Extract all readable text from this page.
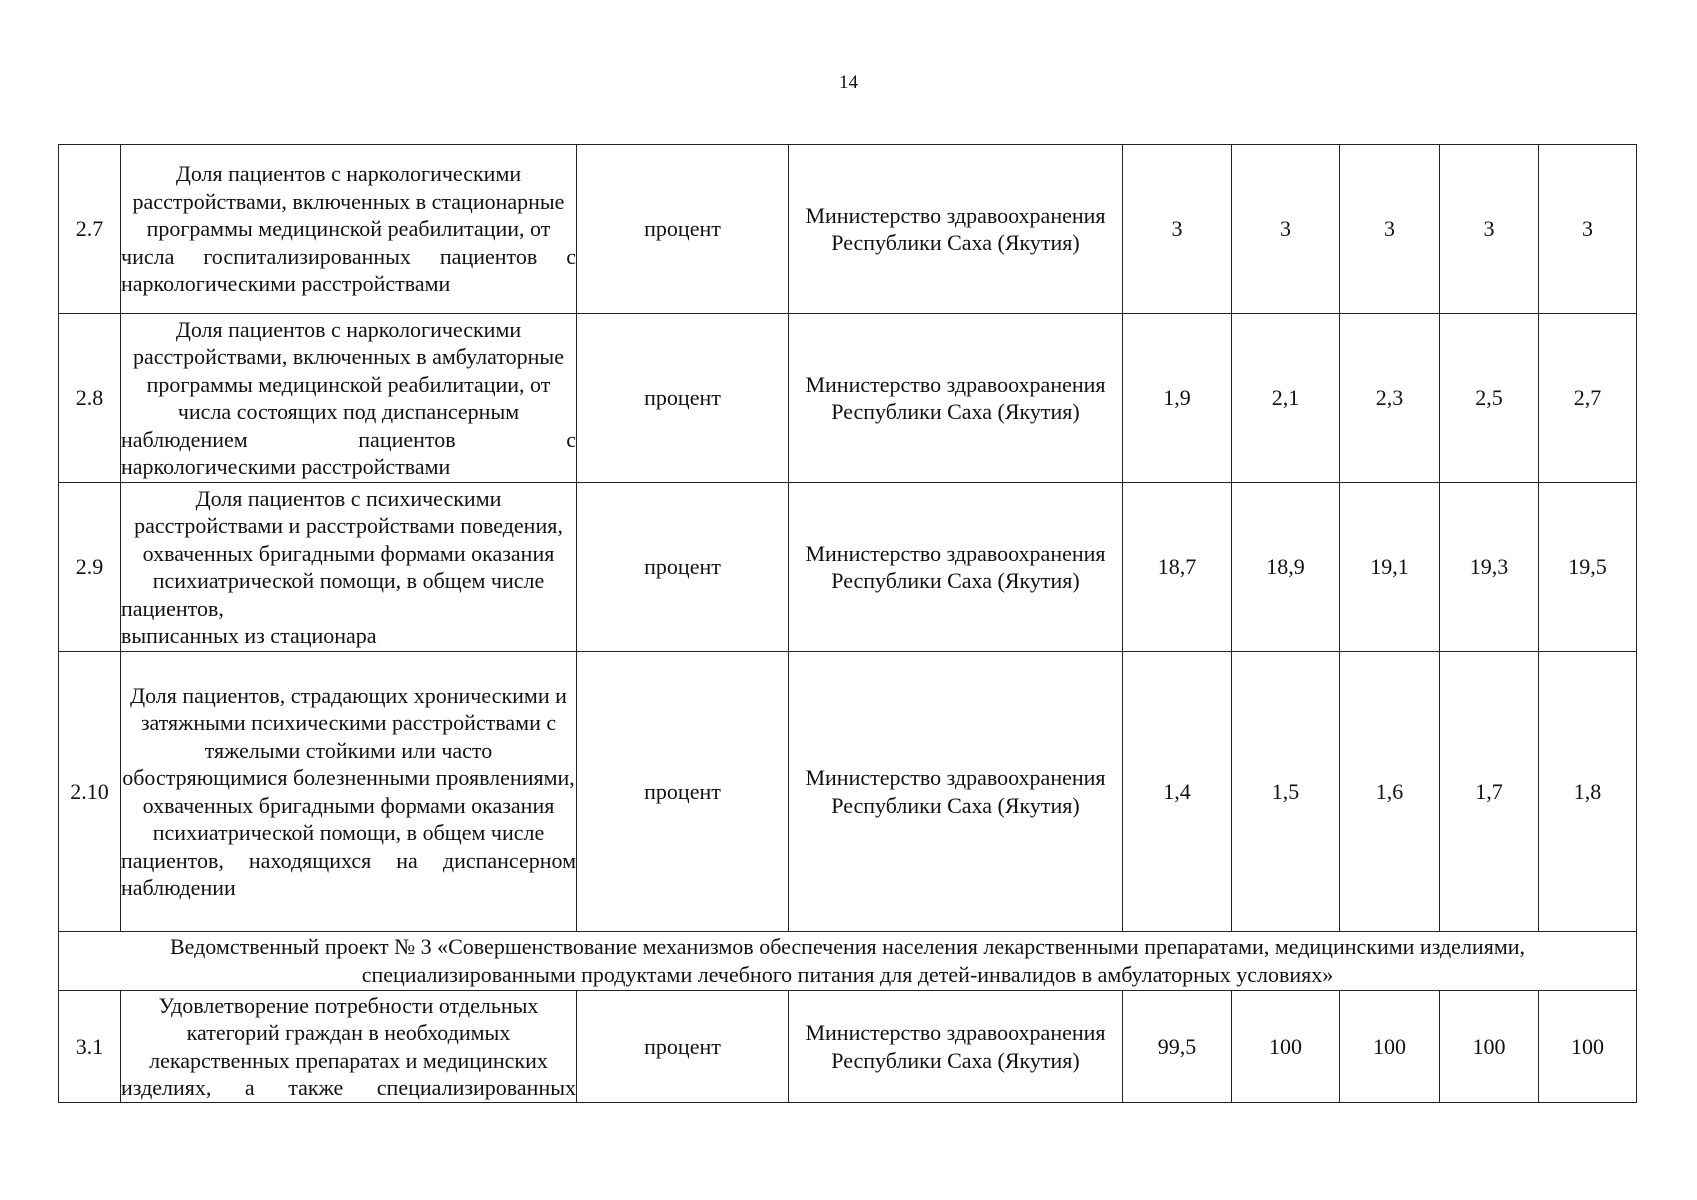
14
2.7	Доля пациентов с наркологическими расстройствами, включенных в стационарные программы медицинской реабилитации, от числа госпитализированных пациентов с
наркологическими расстройствами	процент	Министерство здравоохранения Республики Саха (Якутия)	3	3	3	3	3
2.8	Доля пациентов с наркологическими расстройствами, включенных в амбулаторные программы медицинской реабилитации, от числа состоящих под диспансерным наблюдением пациентов с
наркологическими расстройствами	процент	Министерство здравоохранения Республики Саха (Якутия)	1,9	2,1	2,3	2,5	2,7
2.9	Доля пациентов с психическими расстройствами и расстройствами поведения, охваченных бригадными формами оказания психиатрической помощи, в общем числе пациентов,
выписанных из стационара	процент	Министерство здравоохранения Республики Саха (Якутия)	18,7	18,9	19,1	19,3	19,5
2.10	Доля пациентов, страдающих хроническими и затяжными психическими расстройствами с тяжелыми стойкими или часто обостряющимися болезненными проявлениями, охваченных бригадными формами оказания психиатрической помощи, в общем числе пациентов, находящихся на диспансерном
наблюдении	процент	Министерство здравоохранения Республики Саха (Якутия)	1,4	1,5	1,6	1,7	1,8

Ведомственный проект № 3 «Совершенствование механизмов обеспечения населения лекарственными препаратами, медицинскими изделиями,
специализированными продуктами лечебного питания для детей-инвалидов в амбулаторных условиях»								

3.1	Удовлетворение потребности отдельных категорий граждан в необходимых лекарственных препаратах и медицинских изделиях, а также специализированных	процент	Министерство здравоохранения Республики Саха (Якутия)	99,5	100	100	100	100
